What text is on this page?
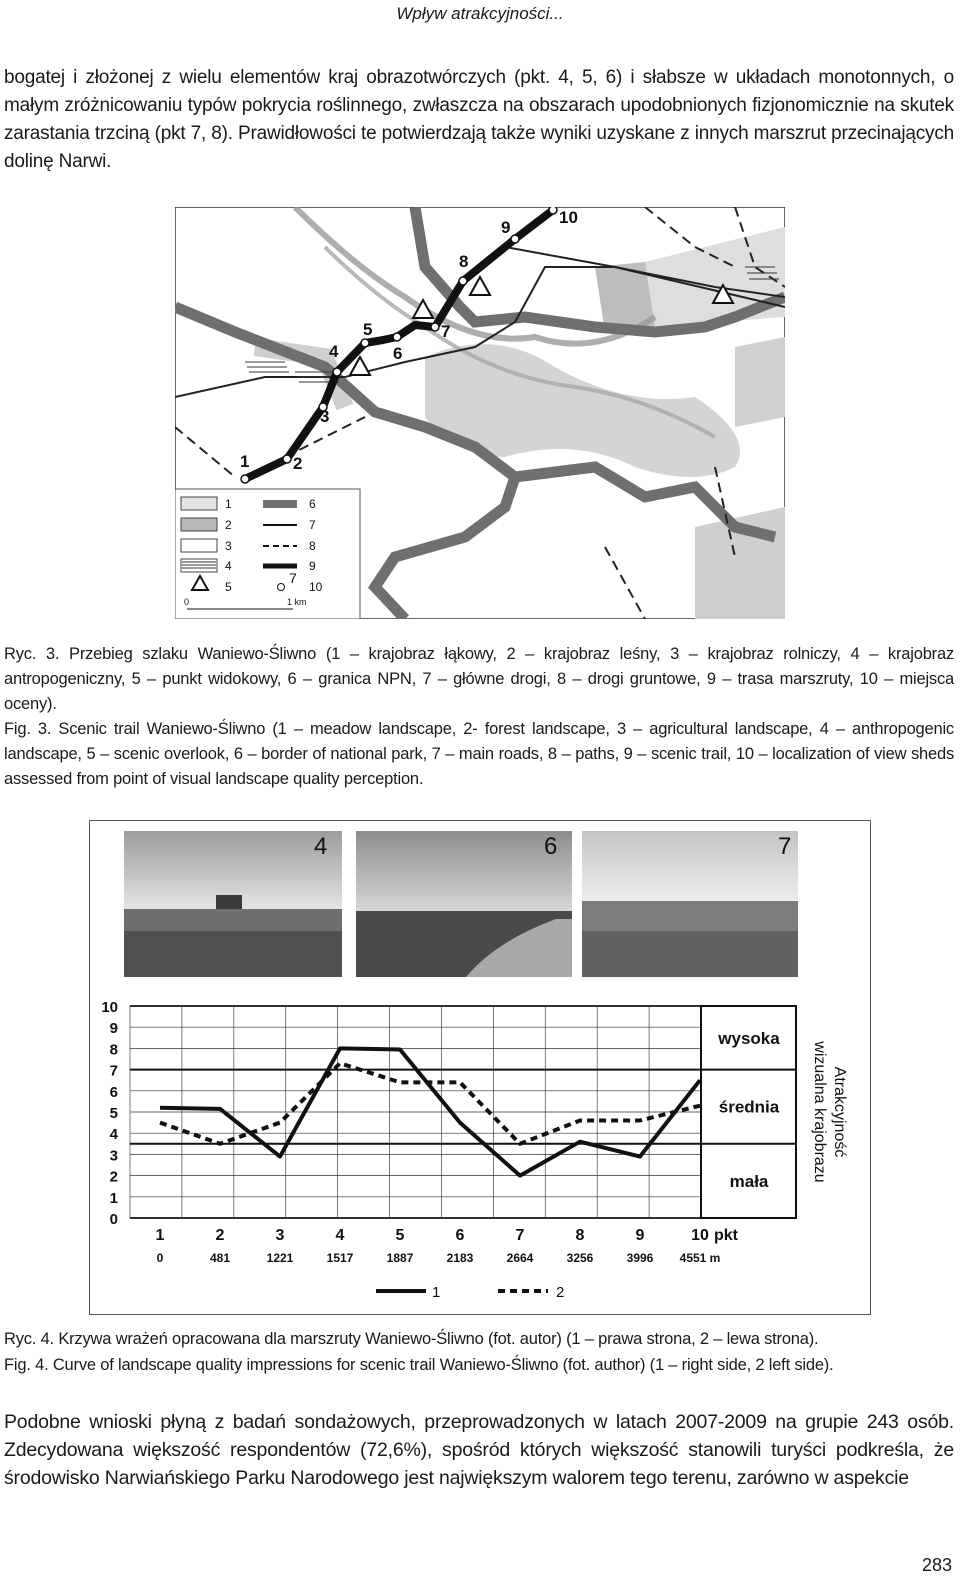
Wpływ atrakcyjności...
bogatej i złożonej z wielu elementów kraj obrazotwórczych (pkt. 4, 5, 6) i słabsze w układach monotonnych, o małym zróżnicowaniu typów pokrycia roślinnego, zwłaszcza na obszarach upodobnionych fizjonomicznie na skutek zarastania trzciną (pkt 7, 8). Prawidłowości te potwierdzają także wyniki uzyskane z innych marszrut przecinających dolinę Narwi.
1	2
3
4
5
6
7
8
9
10
1
2
3
4
5
6
7
8
9
10
7
0	1 km
Ryc. 3. Przebieg szlaku Waniewo-Śliwno (1 – krajobraz łąkowy, 2 – krajobraz leśny, 3 – krajobraz rolniczy, 4 – krajobraz antropogeniczny, 5 – punkt widokowy, 6 – granica NPN, 7 – główne drogi, 8 – drogi gruntowe, 9 – trasa marszruty, 10 – miejsca oceny).
Fig. 3. Scenic trail Waniewo-Śliwno (1 – meadow landscape, 2- forest landscape, 3 – agricultural landscape, 4 – anthropogenic landscape, 5 – scenic overlook, 6 – border of national park, 7 – main roads, 8 – paths, 9 – scenic trail, 10 – localization of view sheds assessed from point of visual landscape quality perception.
4	6	7
0
1
2
3
4
5
6
7
8
9
10
wysoka
średnia
mała
Atrakcyjnośćwizualna krajobrazu
1
0
2
481
3
1221
4
1517
5
1887
6
2183
7
2664
8
3256
9
3996
10
4551 m
pkt
1	2
Ryc. 4. Krzywa wrażeń opracowana dla marszruty Waniewo-Śliwno (fot. autor) (1 – prawa strona, 2 – lewa strona).
Fig. 4. Curve of landscape quality impressions for scenic trail Waniewo-Śliwno (fot. author) (1 – right side, 2 left side).
Podobne wnioski płyną z badań sondażowych, przeprowadzonych w latach 2007-2009 na grupie 243 osób. Zdecydowana większość respondentów (72,6%), spośród których większość stanowili turyści podkreśla, że środowisko Narwiańskiego Parku Narodowego jest największym walorem tego terenu, zarówno w aspekcie
283
